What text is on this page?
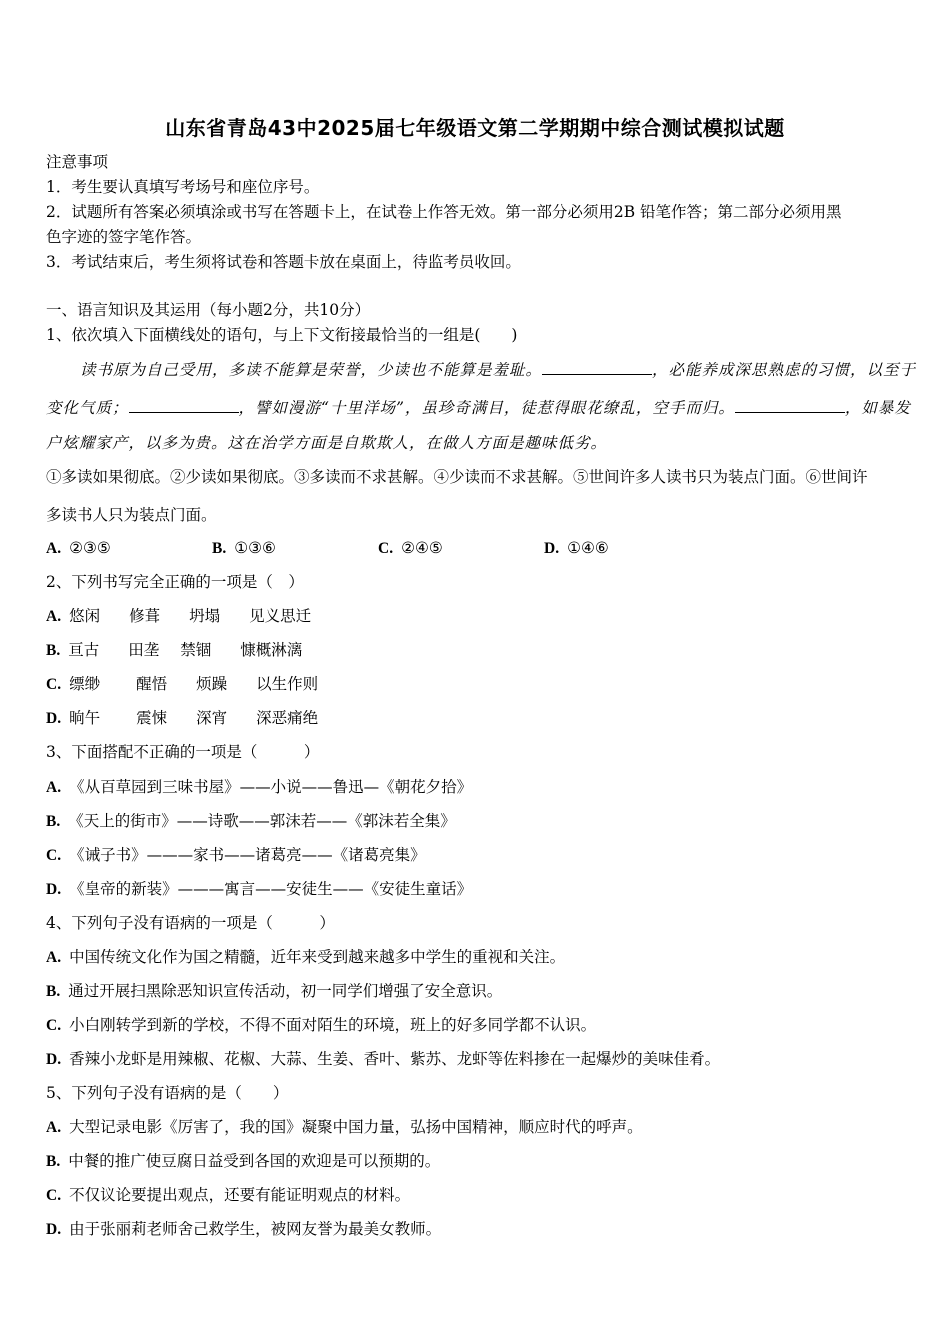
山东省青岛43中2025届七年级语文第二学期期中综合测试模拟试题
注意事项
1．考生要认真填写考场号和座位序号。
2．试题所有答案必须填涂或书写在答题卡上，在试卷上作答无效。第一部分必须用2B 铅笔作答；第二部分必须用黑
色字迹的签字笔作答。
3．考试结束后，考生须将试卷和答题卡放在桌面上，待监考员收回。
一、语言知识及其运用（每小题2分，共10分）
1、依次填入下面横线处的语句，与上下文衔接最恰当的一组是(　　)
读书原为自己受用，多读不能算是荣誉，少读也不能算是羞耻。	，必能养成深思熟虑的习惯，以至于
变化气质；	，譬如漫游“十里洋场”，虽珍奇满目，徒惹得眼花缭乱，空手而归。	，如暴发
户炫耀家产，以多为贵。这在治学方面是自欺欺人，在做人方面是趣味低劣。
①多读如果彻底。②少读如果彻底。③多读而不求甚解。④少读而不求甚解。⑤世间许多人读书只为装点门面。⑥世间许
多读书人只为装点门面。
A. ②③⑤	B. ①③⑥	C. ②④⑤	D. ①④⑥
2、下列书写完全正确的一项是（　）
A. 悠闲 修葺 坍塌 见义思迁
B. 亘古 田垄 禁锢 慷概淋漓
C. 缥缈 醒悟 烦躁 以生作则
D. 晌午 震悚 深宵 深恶痛绝
3、下面搭配不正确的一项是（　　　）
A. 《从百草园到三味书屋》——小说——鲁迅—《朝花夕拾》
B. 《天上的街市》——诗歌——郭沫若——《郭沫若全集》
C. 《诫子书》———家书——诸葛亮——《诸葛亮集》
D. 《皇帝的新装》———寓言——安徒生——《安徒生童话》
4、下列句子没有语病的一项是（　　　）
A. 中国传统文化作为国之精髓，近年来受到越来越多中学生的重视和关注。
B. 通过开展扫黑除恶知识宣传活动，初一同学们增强了安全意识。
C. 小白刚转学到新的学校，不得不面对陌生的环境，班上的好多同学都不认识。
D. 香辣小龙虾是用辣椒、花椒、大蒜、生姜、香叶、紫苏、龙虾等佐料掺在一起爆炒的美味佳肴。
5、下列句子没有语病的是（　　）
A. 大型记录电影《厉害了，我的国》凝聚中国力量，弘扬中国精神，顺应时代的呼声。
B. 中餐的推广使豆腐日益受到各国的欢迎是可以预期的。
C. 不仅议论要提出观点，还要有能证明观点的材料。
D. 由于张丽莉老师舍己救学生，被网友誉为最美女教师。
